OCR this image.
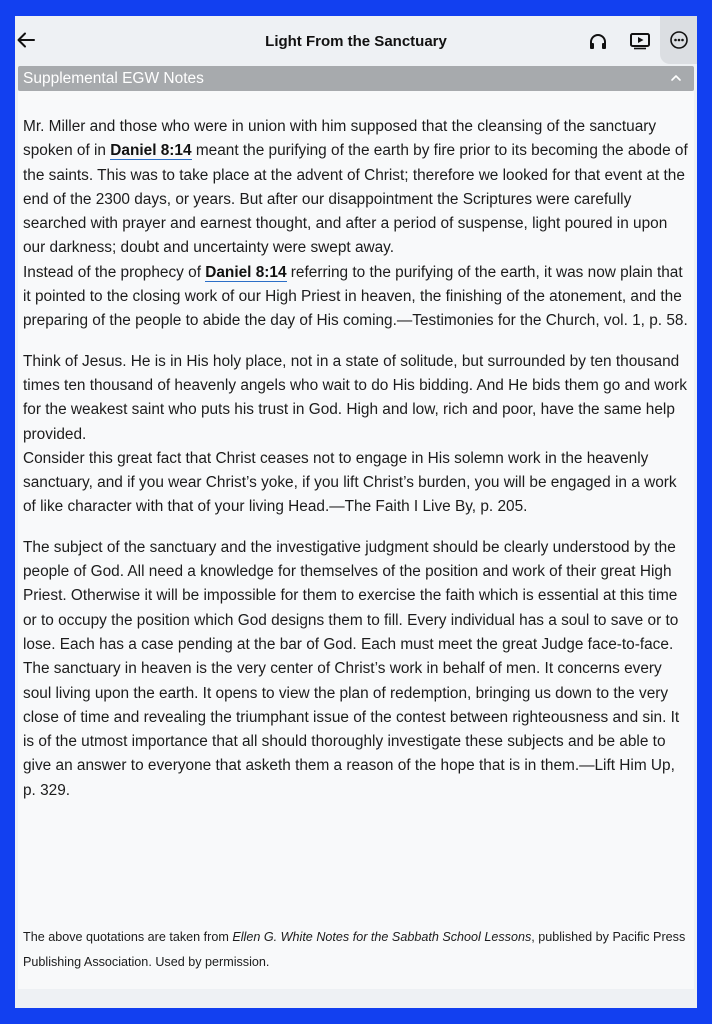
Light From the Sanctuary
Supplemental EGW Notes

Mr. Miller and those who were in union with him supposed that the cleansing of the sanctuary spoken of in Daniel 8:14 meant the purifying of the earth by fire prior to its becoming the abode of the saints. This was to take place at the advent of Christ; therefore we looked for that event at the end of the 2300 days, or years. But after our disappointment the Scriptures were carefully searched with prayer and earnest thought, and after a period of suspense, light poured in upon our darkness; doubt and uncertainty were swept away.

Instead of the prophecy of Daniel 8:14 referring to the purifying of the earth, it was now plain that it pointed to the closing work of our High Priest in heaven, the finishing of the atonement, and the preparing of the people to abide the day of His coming.—Testimonies for the Church, vol. 1, p. 58.

Think of Jesus. He is in His holy place, not in a state of solitude, but surrounded by ten thousand times ten thousand of heavenly angels who wait to do His bidding. And He bids them go and work for the weakest saint who puts his trust in God. High and low, rich and poor, have the same help provided.

Consider this great fact that Christ ceases not to engage in His solemn work in the heavenly sanctuary, and if you wear Christ’s yoke, if you lift Christ’s burden, you will be engaged in a work of like character with that of your living Head.—The Faith I Live By, p. 205.

The subject of the sanctuary and the investigative judgment should be clearly understood by the people of God. All need a knowledge for themselves of the position and work of their great High Priest. Otherwise it will be impossible for them to exercise the faith which is essential at this time or to occupy the position which God designs them to fill. Every individual has a soul to save or to lose. Each has a case pending at the bar of God. Each must meet the great Judge face-to-face.

The sanctuary in heaven is the very center of Christ’s work in behalf of men. It concerns every soul living upon the earth. It opens to view the plan of redemption, bringing us down to the very close of time and revealing the triumphant issue of the contest between righteousness and sin. It is of the utmost importance that all should thoroughly investigate these subjects and be able to give an answer to everyone that asketh them a reason of the hope that is in them.—Lift Him Up, p. 329.

The above quotations are taken from Ellen G. White Notes for the Sabbath School Lessons, published by Pacific Press Publishing Association. Used by permission.
